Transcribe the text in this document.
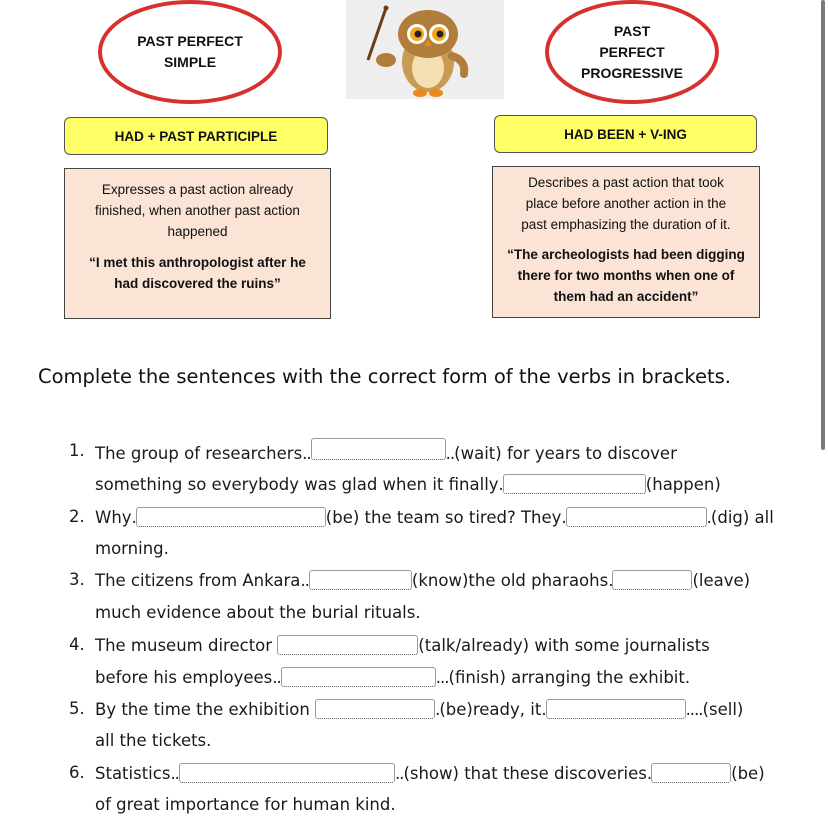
PAST PERFECT
SIMPLE
PAST
PERFECT
PROGRESSIVE
HAD + PAST PARTICIPLE	HAD BEEN + V-ING
Expresses a past action already
finished, when another past action
happened
“I met this anthropologist after he
had discovered the ruins”
Describes a past action that took
place before another action in the
past emphasizing the duration of it.
“The archeologists had been digging
there for two months when one of
them had an accident”
Complete the sentences with the correct form of the verbs in brackets.
1.
2.
3.
4.
5.
6.
The group of researchers..	..(wait) for years to discover
something so everybody was glad when it finally.	(happen)
Why.	(be) the team so tired? They.	.(dig) all
morning.
The citizens from Ankara..	(know)the old pharaohs.	(leave)
much evidence about the burial rituals.
The museum director	(talk/already) with some journalists
before his employees..	...(finish) arranging the exhibit.
By the time the exhibition	.(be)ready, it.	....(sell)
all the tickets.
Statistics..	..(show) that these discoveries.	(be)
of great importance for human kind.
